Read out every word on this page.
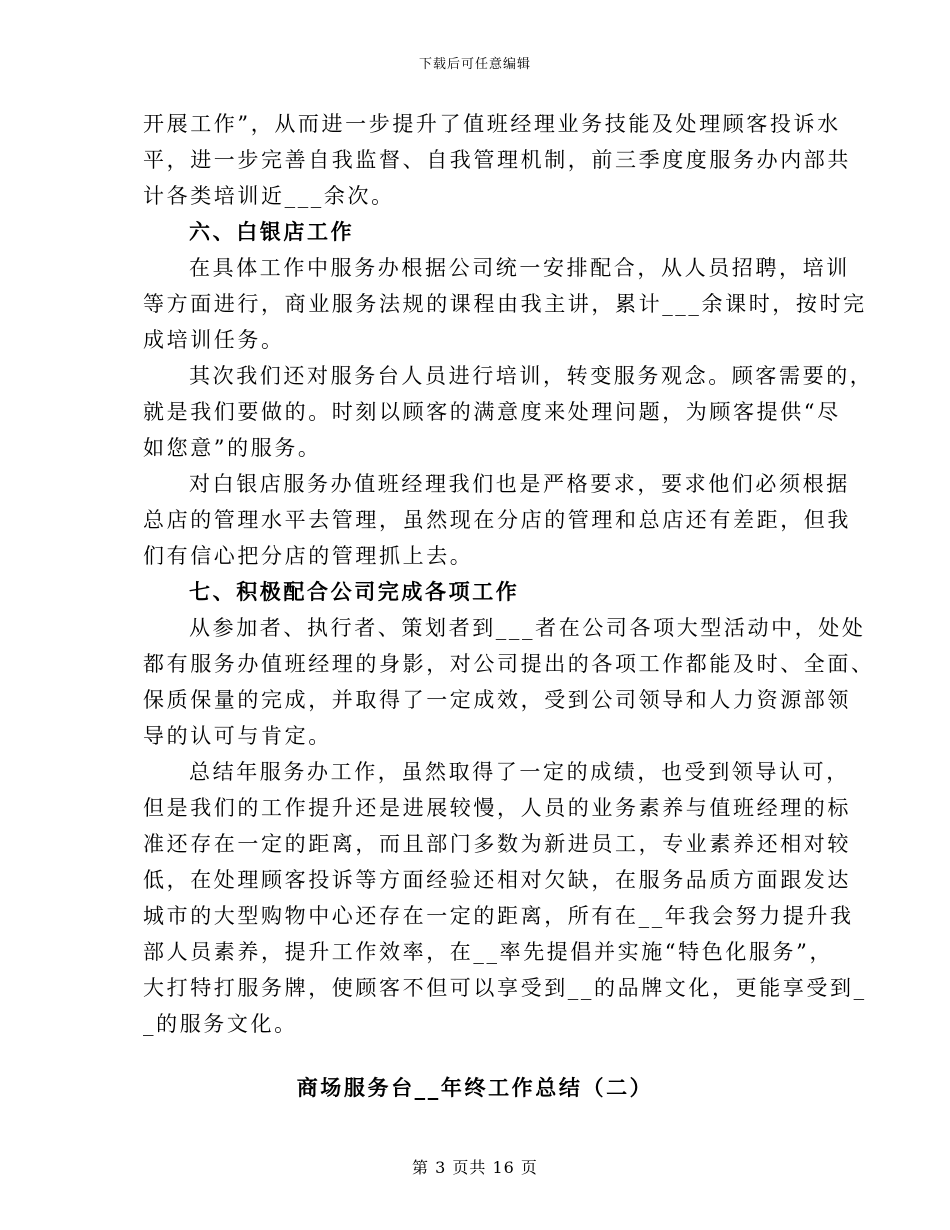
下载后可任意编辑
开展工作”，从而进一步提升了值班经理业务技能及处理顾客投诉水
平，进一步完善自我监督、自我管理机制，前三季度度服务办内部共
计各类培训近___余次。
六、白银店工作
在具体工作中服务办根据公司统一安排配合，从人员招聘，培训
等方面进行，商业服务法规的课程由我主讲，累计___余课时，按时完
成培训任务。
其次我们还对服务台人员进行培训，转变服务观念。顾客需要的，
就是我们要做的。时刻以顾客的满意度来处理问题，为顾客提供“尽
如您意”的服务。
对白银店服务办值班经理我们也是严格要求，要求他们必须根据
总店的管理水平去管理，虽然现在分店的管理和总店还有差距，但我
们有信心把分店的管理抓上去。
七、积极配合公司完成各项工作
从参加者、执行者、策划者到___者在公司各项大型活动中，处处
都有服务办值班经理的身影，对公司提出的各项工作都能及时、全面、
保质保量的完成，并取得了一定成效，受到公司领导和人力资源部领
导的认可与肯定。
总结年服务办工作，虽然取得了一定的成绩，也受到领导认可，
但是我们的工作提升还是进展较慢，人员的业务素养与值班经理的标
准还存在一定的距离，而且部门多数为新进员工，专业素养还相对较
低，在处理顾客投诉等方面经验还相对欠缺，在服务品质方面跟发达
城市的大型购物中心还存在一定的距离，所有在__年我会努力提升我
部人员素养，提升工作效率，在__率先提倡并实施“特色化服务”，
大打特打服务牌，使顾客不但可以享受到__的品牌文化，更能享受到_
_的服务文化。
商场服务台__年终工作总结（二）
第 3 页共 16 页
